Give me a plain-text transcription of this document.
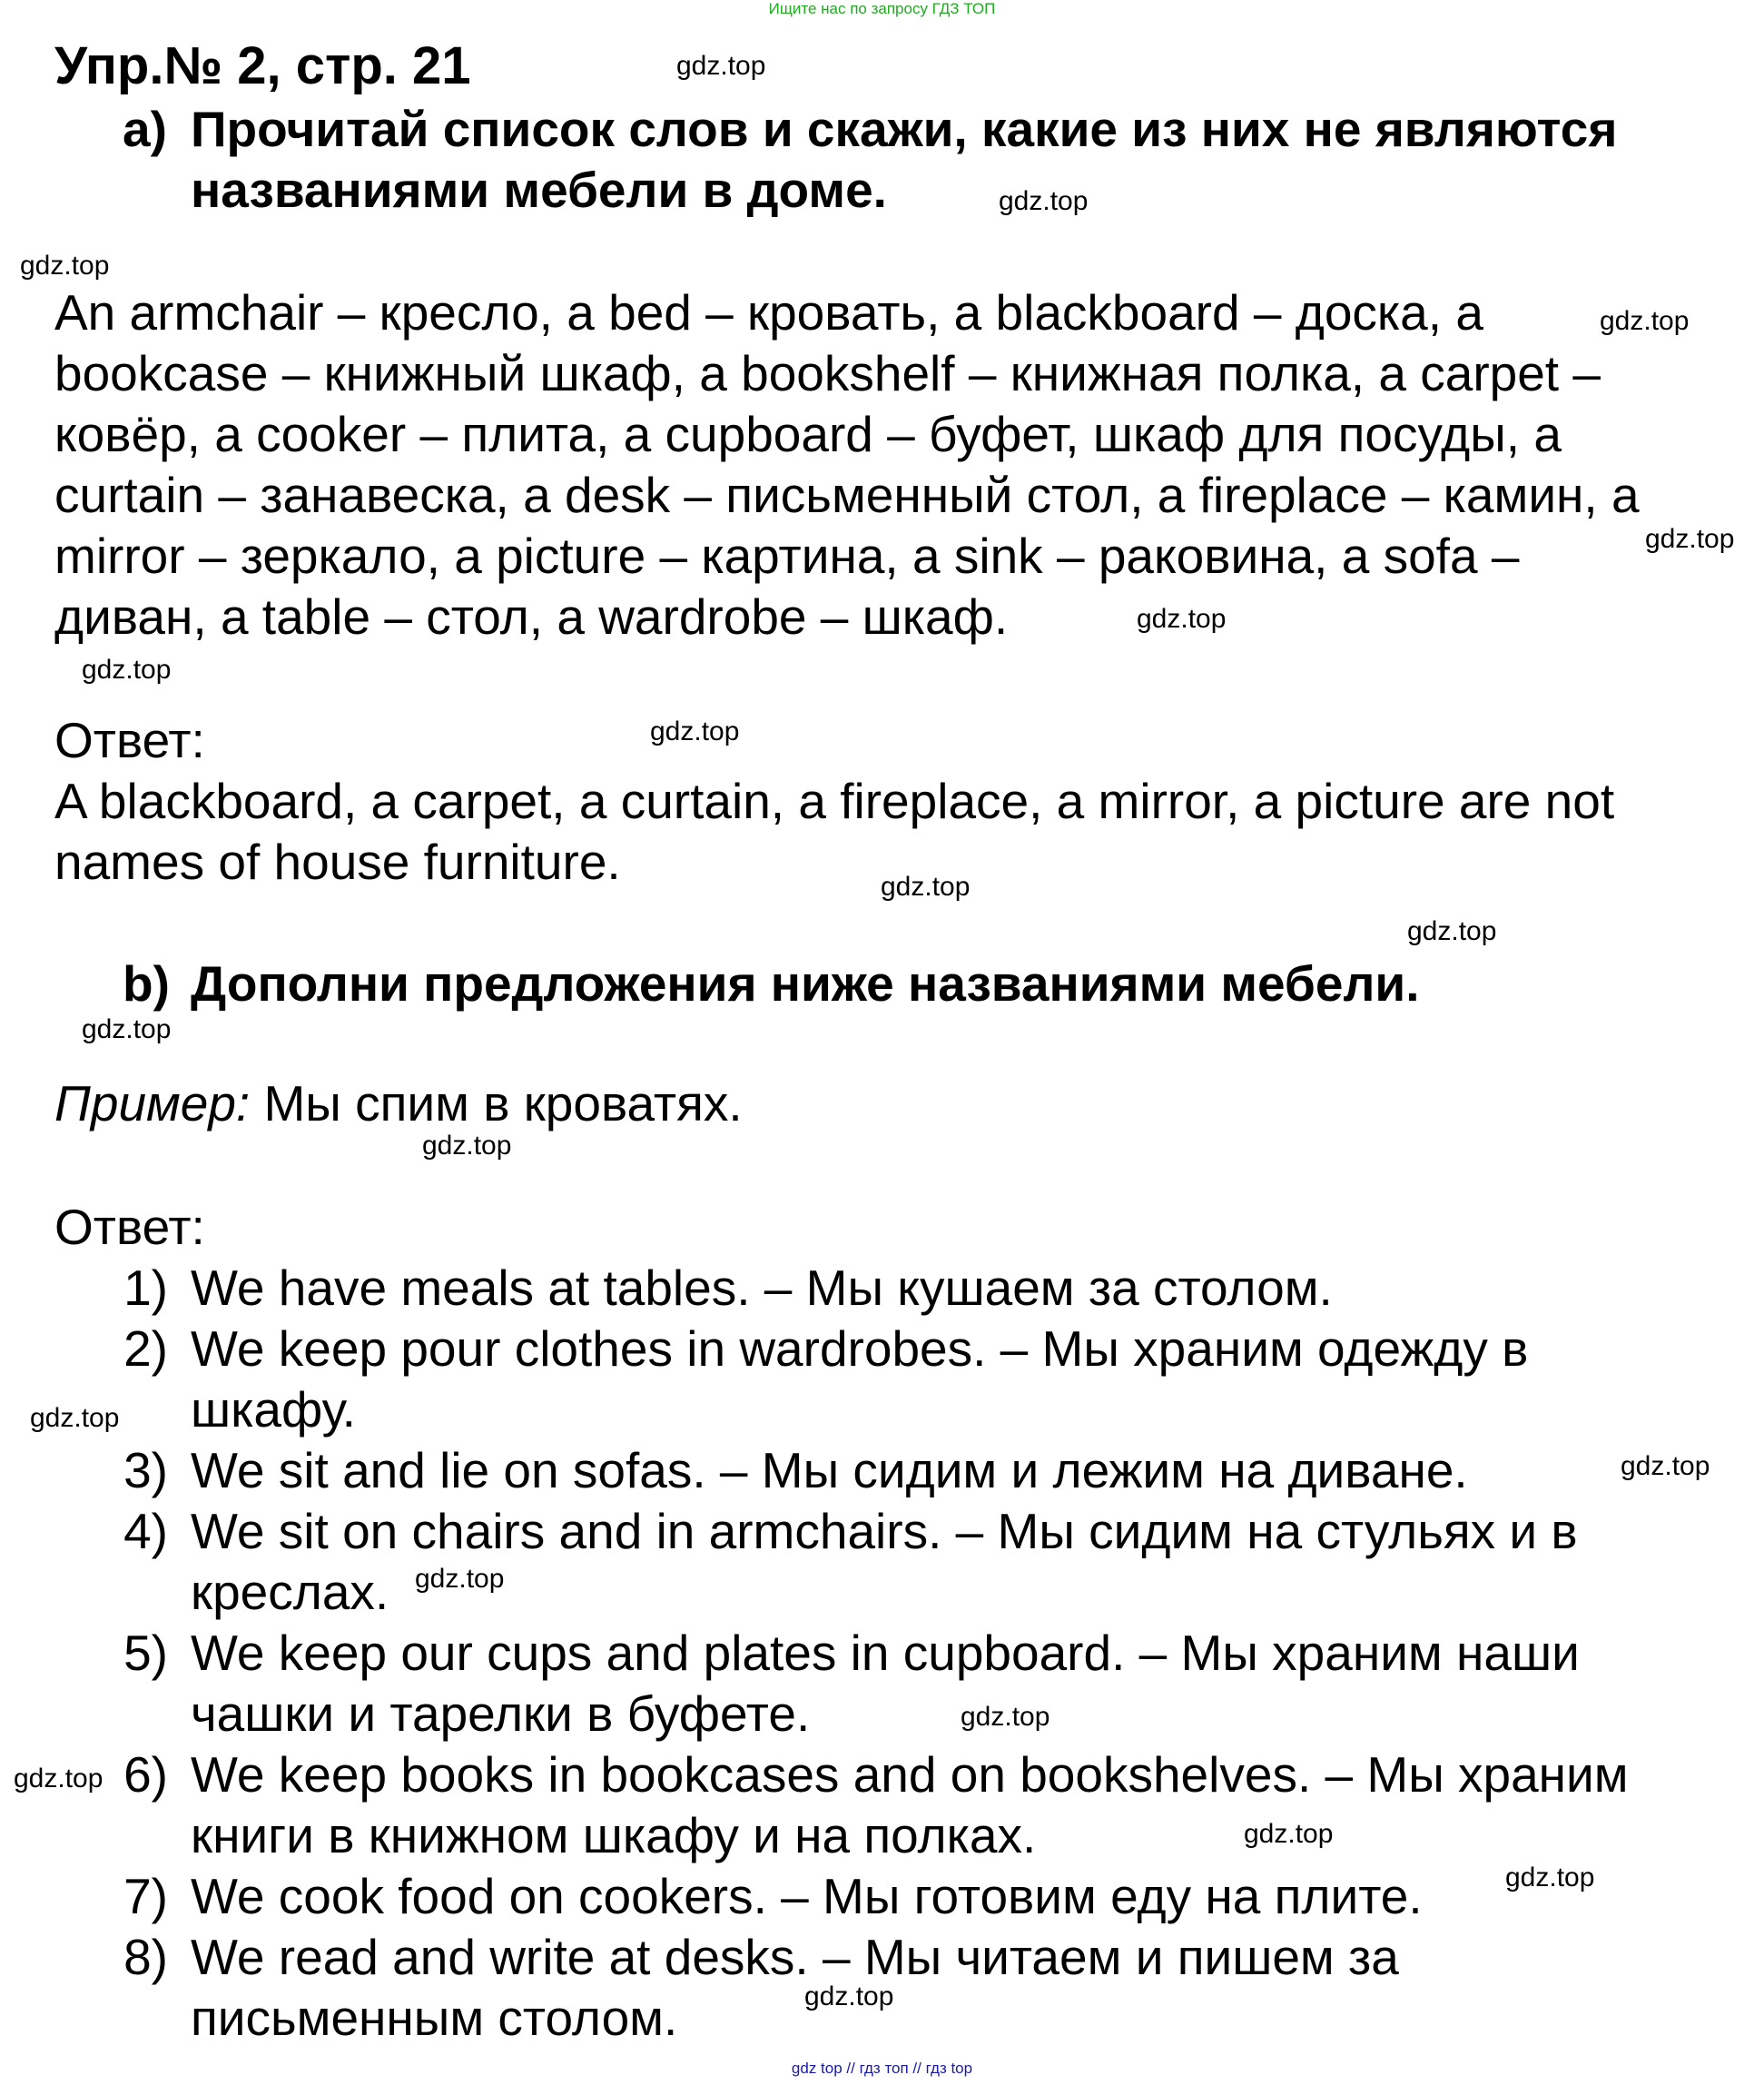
Ищите нас по запросу ГДЗ ТОП
Упр.№ 2, стр. 21
a) Прочитай список слов и скажи, какие из них не являются
названиями мебели в доме.
An armchair – кресло, a bed – кровать, a blackboard – доска, a
bookcase – книжный шкаф, a bookshelf – книжная полка, a carpet –
ковёр, a cooker – плита, a cupboard – буфет, шкаф для посуды, a
curtain – занавеска, a desk – письменный стол, a fireplace – камин, a
mirror – зеркало, a picture – картина, a sink – раковина, a sofa –
диван, a table – стол, a wardrobe – шкаф.
Ответ:
A blackboard, a carpet, a curtain, a fireplace, a mirror, a picture are not
names of house furniture.
b) Дополни предложения ниже названиями мебели.
Пример: Мы спим в кроватях.
Ответ:
1) We have meals at tables. – Мы кушаем за столом.
2) We keep pour clothes in wardrobes. – Мы храним одежду в
шкафу.
3) We sit and lie on sofas. – Мы сидим и лежим на диване.
4) We sit on chairs and in armchairs. – Мы сидим на стульях и в
креслах.
5) We keep our cups and plates in cupboard. – Мы храним наши
чашки и тарелки в буфете.
6) We keep books in bookcases and on bookshelves. – Мы храним
книги в книжном шкафу и на полках.
7) We cook food on cookers. – Мы готовим еду на плите.
8) We read and write at desks. – Мы читаем и пишем за
письменным столом.
gdz.top
gdz.top
gdz.top
gdz.top
gdz.top
gdz.top
gdz.top
gdz.top
gdz.top
gdz.top
gdz.top
gdz.top
gdz.top
gdz.top
gdz.top
gdz.top
gdz.top
gdz.top
gdz.top
gdz.top
gdz top // гдз топ // гдз top
